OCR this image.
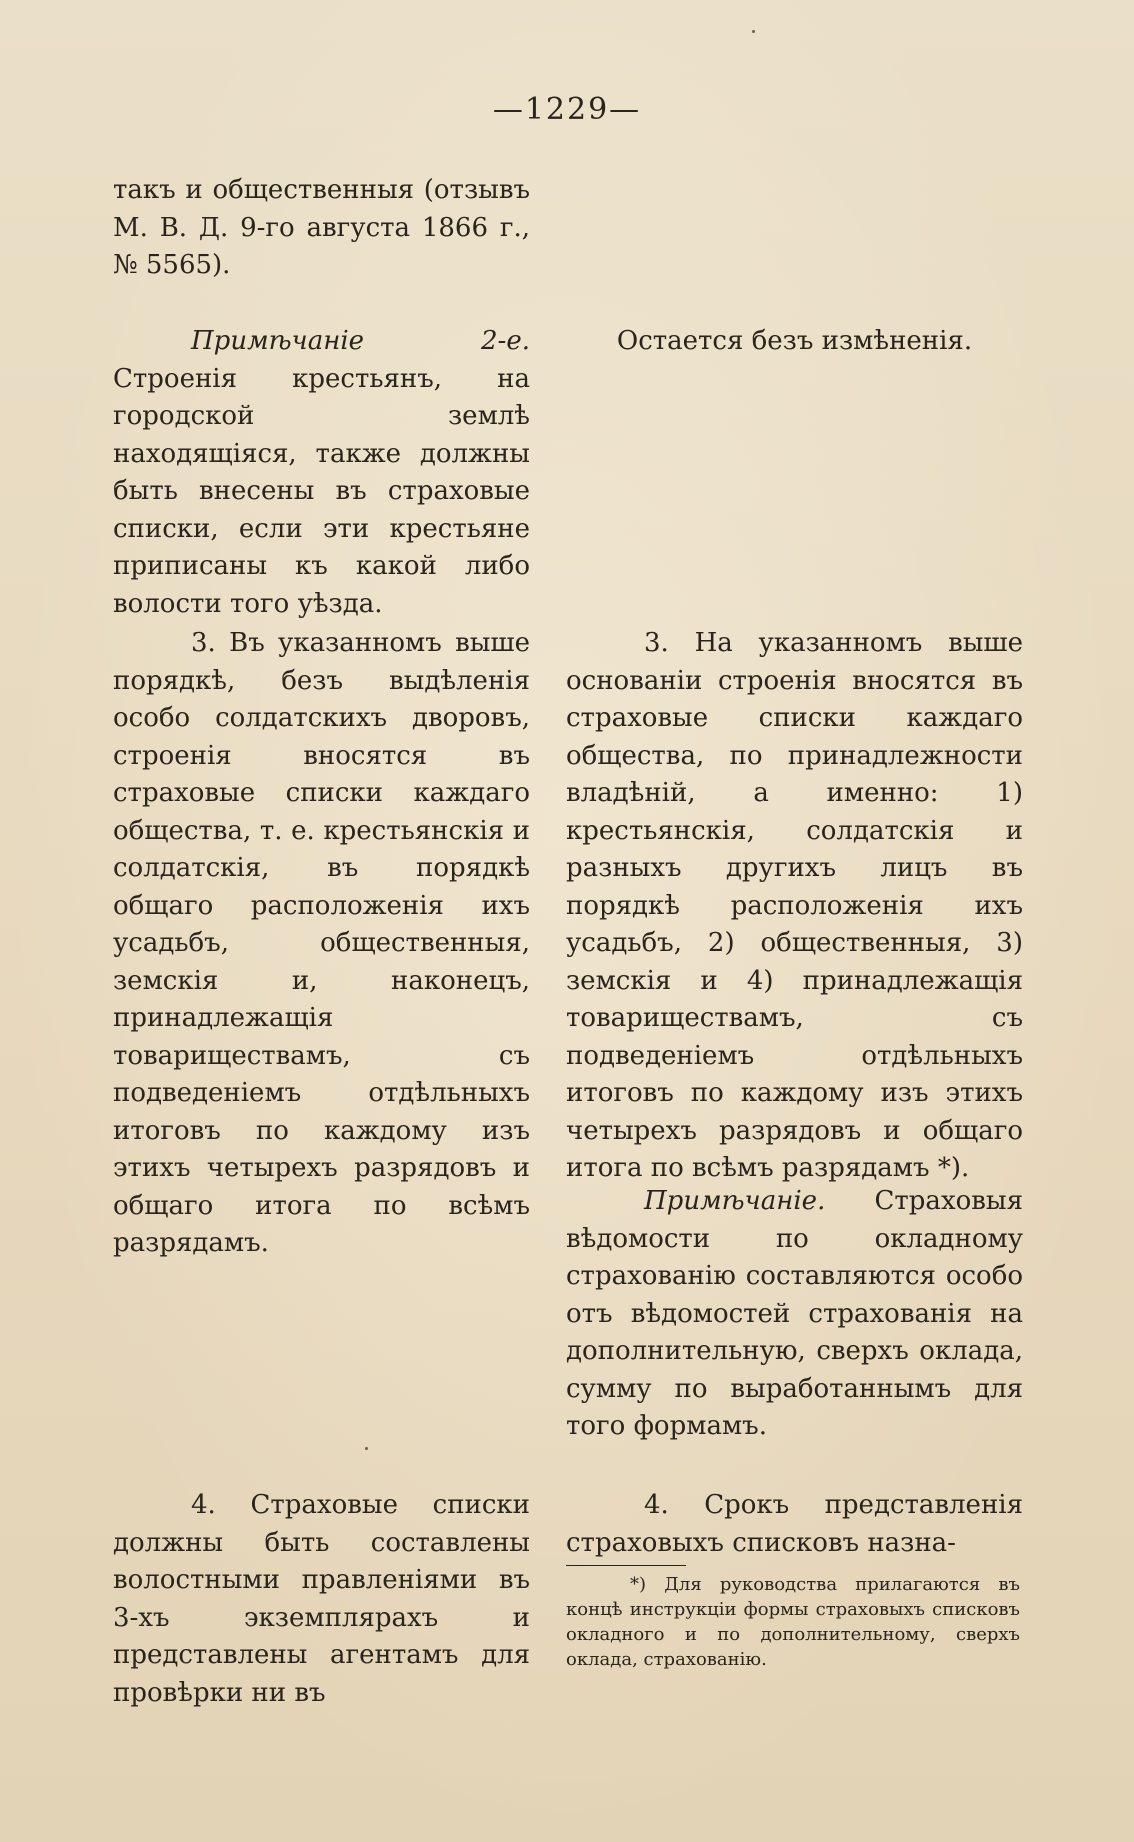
—1229—

такъ и общественныя (отзывъ М. В. Д. 9-го августа 1866 г., № 5565).

Примѣчаніе 2-е. Строенія крестьянъ, на городской землѣ находящіяся, также должны быть внесены въ страховые списки, если эти крестьяне приписаны къ какой либо волости того уѣзда.

3. Въ указанномъ выше порядкѣ, безъ выдѣленія особо солдатскихъ дворовъ, строенія вносятся въ страховые списки каждаго общества, т. е. крестьянскія и солдатскія, въ порядкѣ общаго расположенія ихъ усадьбъ, общественныя, земскія и, наконецъ, принадлежащія товариществамъ, съ подведеніемъ отдѣльныхъ итоговъ по каждому изъ этихъ четырехъ разрядовъ и общаго итога по всѣмъ разрядамъ.

4. Страховые списки должны быть составлены волостными правленіями въ 3-хъ экземплярахъ и представлены агентамъ для провѣрки ни въ

Остается безъ измѣненія.

3. На указанномъ выше основаніи строенія вносятся въ страховые списки каждаго общества, по принадлежности владѣній, а именно: 1) крестьянскія, солдатскія и разныхъ другихъ лицъ въ порядкѣ расположенія ихъ усадьбъ, 2) общественныя, 3) земскія и 4) принадлежащія товариществамъ, съ подведеніемъ отдѣльныхъ итоговъ по каждому изъ этихъ четырехъ разрядовъ и общаго итога по всѣмъ разрядамъ *).

Примѣчаніе. Страховыя вѣдомости по окладному страхованію составляются особо отъ вѣдомостей страхованія на дополнительную, сверхъ оклада, сумму по выработаннымъ для того формамъ.

4. Срокъ представленія страховыхъ списковъ назна-

*) Для руководства прилагаются въ концѣ инструкціи формы страховыхъ списковъ окладного и по дополнительному, сверхъ оклада, страхованію.
